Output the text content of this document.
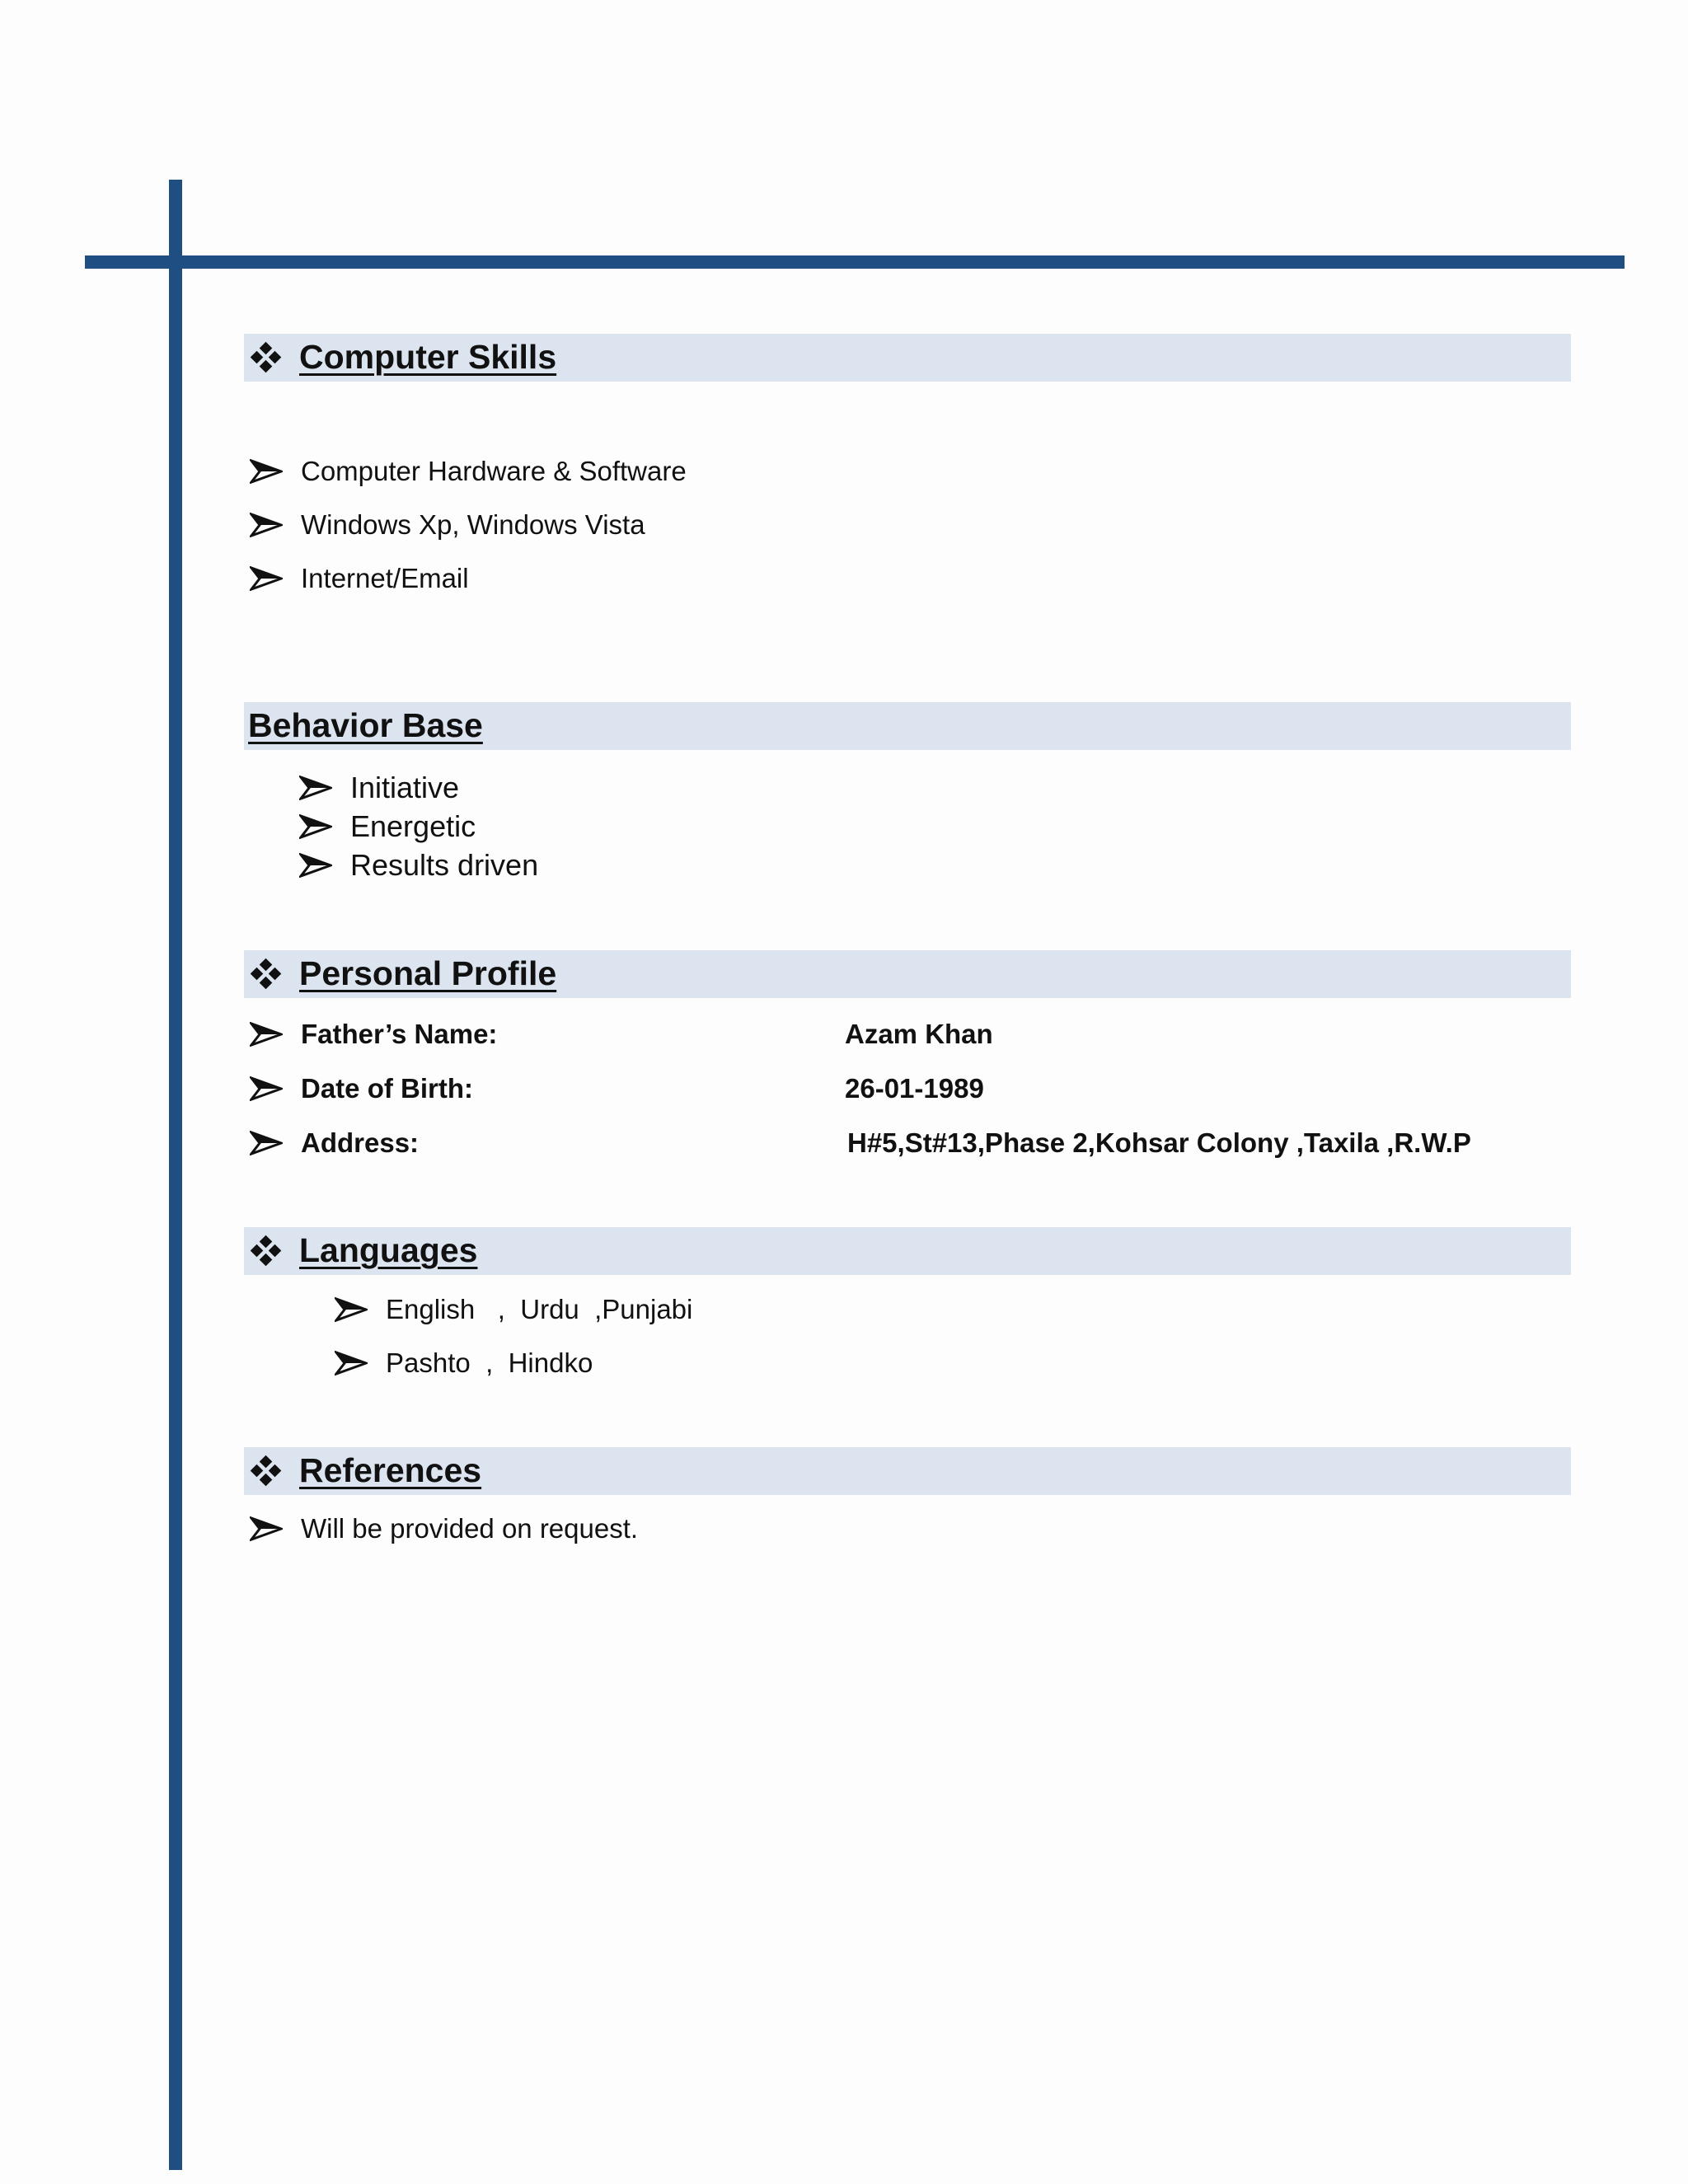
Computer Skills
Computer Hardware & Software
Windows Xp, Windows Vista
Internet/Email
Behavior Base
Initiative
Energetic
Results driven
Personal Profile
Father’s Name:	Azam Khan
Date of Birth:	26-01-1989
Address:	H#5,St#13,Phase 2,Kohsar Colony ,Taxila ,R.W.P
Languages
English   ,  Urdu  ,Punjabi
Pashto  ,  Hindko
References
Will be provided on request.
